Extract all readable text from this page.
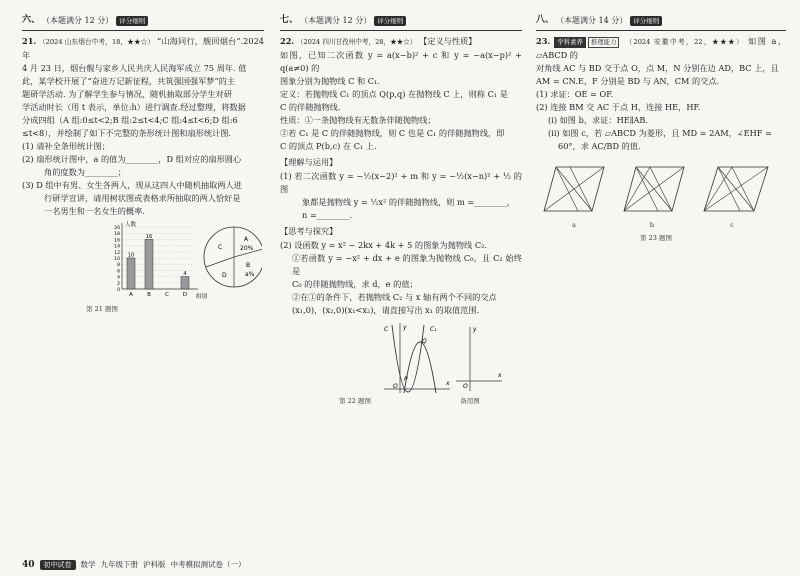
六、 （本题满分 12 分） 评分细则

21. （2024 山东烟台中考，18，★★☆） “山海同行，舰回烟台”.2024 年

4 月 23 日，烟台舰与家乡人民共庆人民海军成立 75 周年. 值

此，某学校开展了“奋进万记新征程，共筑强国强军梦”的主

题研学活动. 为了解学生参与情况，随机抽取部分学生对研

学活动时长（用 t 表示，单位:h）进行调查.经过整理，将数据

分成四组（A 组:0≤t<2;B 组:2≤t<4;C 组:4≤t<6;D 组:6

≤t<8），并绘制了如下不完整的条形统计图和扇形统计图.

(1) 请补全条形统计图；

(2) 扇形统计图中，a 的值为________，D 组对应的扇形圆心

角的度数为________；

(3) D 组中有男、女生各两人，现从这四人中随机抽取两人进

行研学宣讲，请用树状图或表格求所抽取的两人恰好是

一名男生和一名女生的概率.

0
2
4
6
8
10
12
14
16
18
20
人数
组别
A
10
B
16
C	D
4
A
20%
B
a%
C
D
第 21 题图
七、 （本题满分 12 分） 评分细则

22. （2024 四川甘孜州中考，28，★★☆） 【定义与性质】

如图，已知二次函数 y = a(x−b)² + c 和 y = −a(x−p)² + q(a≠0) 的

图象分别为抛物线 C 和 C₁.

定义：若抛物线 C₁ 的顶点 Q(p,q) 在抛物线 C 上，则称 C₁ 是

C 的伴随抛物线.

性质：①一条抛物线有无数条伴随抛物线；

②若 C₁ 是 C 的伴随抛物线，则 C 也是 C₁ 的伴随抛物线，即

C 的顶点 P(b,c) 在 C₁ 上.

【理解与运用】

(1) 若二次函数 y = −½(x−2)² + m 和 y = −½(x−n)² + ½ 的图

象都是抛物线 y = ½x² 的伴随抛物线，则 m =________，

n =________.

【思考与探究】

(2) 设函数 y = x² − 2kx + 4k + 5 的图象为抛物线 C₂.

①若函数 y = −x² + dx + e 的图象为抛物线 C₀，且 C₂ 始终是

C₀ 的伴随抛物线，求 d，e 的值；

②在①的条件下，若抛物线 C₂ 与 x 轴有两个不同的交点

(x₁,0)，(x₂,0)(x₁<x₂)，请直接写出 x₁ 的取值范围.

y	C₁
C
P
Q
O	x
y
O
x
第 22 题图	备用图
八、 （本题满分 14 分） 评分细则

23. 学科素养 推理能力 （2024 安徽中考，22，★★★） 如图 a，▱ABCD 的

对角线 AC 与 BD 交于点 O，点 M，N 分别在边 AD，BC 上，且

AM = CN.E，F 分别是 BD 与 AN，CM 的交点.

(1) 求证：OE = OF.

(2) 连接 BM 交 AC 于点 H，连接 HE，HF.

(i) 如图 b，求证：HE∥AB.

(ii) 如图 c，若 ▱ABCD 为菱形，且 MD = 2AM，∠EHF =

60°，求 AC/BD 的值.

a	b	c
第 23 题图
40	初中试卷	数学 九年级下册 沪科版 中考模拟测试卷（一）
